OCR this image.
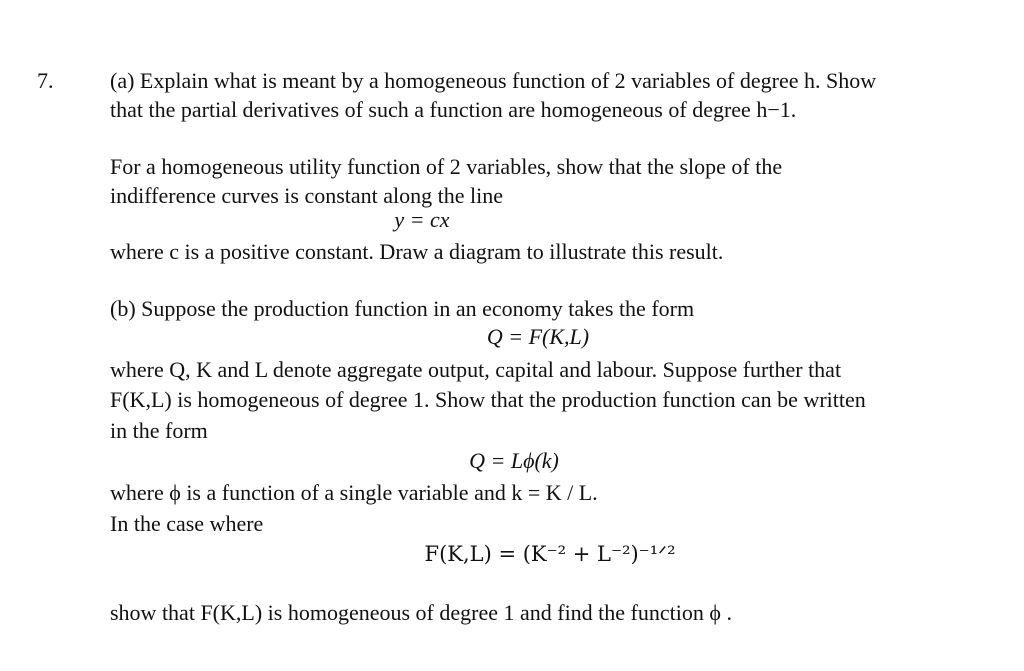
7.	(a) Explain what is meant by a homogeneous function of 2 variables of degree h. Show
that the partial derivatives of such a function are homogeneous of degree h−1.
For a homogeneous utility function of 2 variables, show that the slope of the
indifference curves is constant along the line
y = cx
where c is a positive constant. Draw a diagram to illustrate this result.
(b) Suppose the production function in an economy takes the form
Q = F(K,L)
where Q, K and L denote aggregate output, capital and labour. Suppose further that
F(K,L) is homogeneous of degree 1. Show that the production function can be written
in the form
Q = Lϕ(k)
where ϕ is a function of a single variable and k = K / L.
In the case where
F(K,L) = (K⁻² + L⁻²)⁻¹ᐟ²
show that F(K,L) is homogeneous of degree 1 and find the function ϕ .
